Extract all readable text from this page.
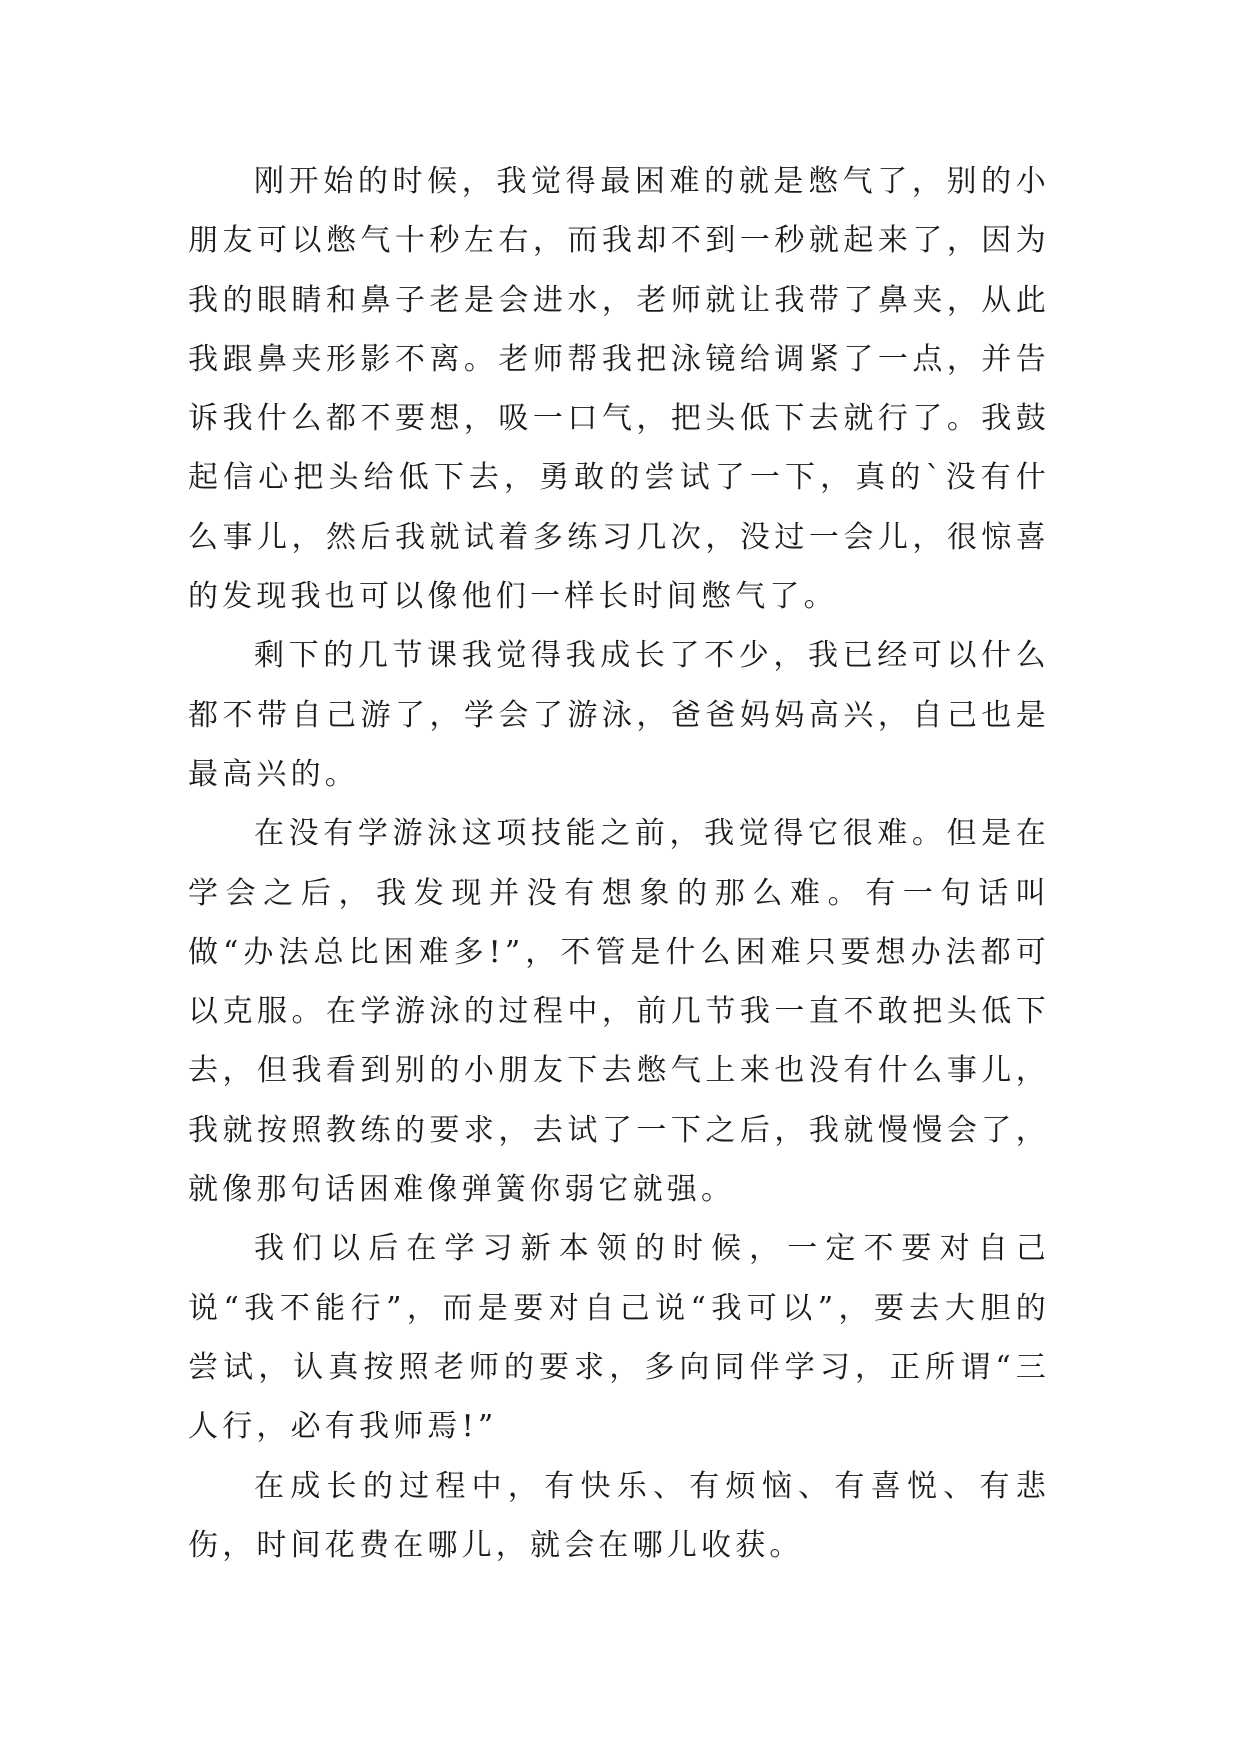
刚开始的时候，我觉得最困难的就是憋气了，别的小朋友可以憋气十秒左右，而我却不到一秒就起来了，因为我的眼睛和鼻子老是会进水，老师就让我带了鼻夹，从此我跟鼻夹形影不离。老师帮我把泳镜给调紧了一点，并告诉我什么都不要想，吸一口气，把头低下去就行了。我鼓起信心把头给低下去，勇敢的尝试了一下，真的`没有什么事儿，然后我就试着多练习几次，没过一会儿，很惊喜的发现我也可以像他们一样长时间憋气了。

剩下的几节课我觉得我成长了不少，我已经可以什么都不带自己游了，学会了游泳，爸爸妈妈高兴，自己也是最高兴的。

在没有学游泳这项技能之前，我觉得它很难。但是在学会之后，我发现并没有想象的那么难。有一句话叫做“办法总比困难多!”，不管是什么困难只要想办法都可以克服。在学游泳的过程中，前几节我一直不敢把头低下去，但我看到别的小朋友下去憋气上来也没有什么事儿，我就按照教练的要求，去试了一下之后，我就慢慢会了，就像那句话困难像弹簧你弱它就强。

我们以后在学习新本领的时候，一定不要对自己说“我不能行”，而是要对自己说“我可以”，要去大胆的尝试，认真按照老师的要求，多向同伴学习，正所谓“三人行，必有我师焉!”

在成长的过程中，有快乐、有烦恼、有喜悦、有悲伤，时间花费在哪儿，就会在哪儿收获。
